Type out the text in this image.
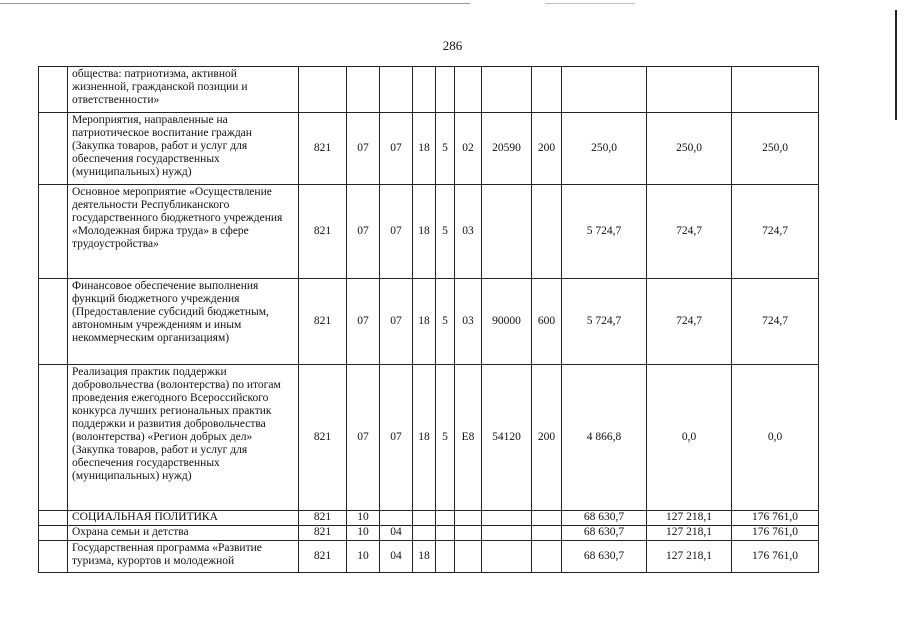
286
	общества: патриотизма, активной жизненной, гражданской позиции и ответственности»											
	Мероприятия, направленные на патриотическое воспитание граждан (Закупка товаров, работ и услуг для обеспечения государственных (муниципальных) нужд)	821	07	07	18	5	02	20590	200	250,0	250,0	250,0
	Основное мероприятие «Осуществление деятельности Республиканского государственного бюджетного учреждения «Молодежная биржа труда» в сфере трудоустройства»	821	07	07	18	5	03			5 724,7	724,7	724,7
	Финансовое обеспечение выполнения функций бюджетного учреждения (Предоставление субсидий бюджетным, автономным учреждениям и иным некоммерческим организациям)	821	07	07	18	5	03	90000	600	5 724,7	724,7	724,7
	Реализация практик поддержки добровольчества (волонтерства) по итогам проведения ежегодного Всероссийского конкурса лучших региональных практик поддержки и развития добровольчества (волонтерства) «Регион добрых дел» (Закупка товаров, работ и услуг для обеспечения государственных (муниципальных) нужд)	821	07	07	18	5	E8	54120	200	4 866,8	0,0	0,0
	СОЦИАЛЬНАЯ ПОЛИТИКА	821	10							68 630,7	127 218,1	176 761,0
	Охрана семьи и детства	821	10	04						68 630,7	127 218,1	176 761,0
	Государственная программа «Развитие туризма, курортов и молодежной	821	10	04	18					68 630,7	127 218,1	176 761,0
